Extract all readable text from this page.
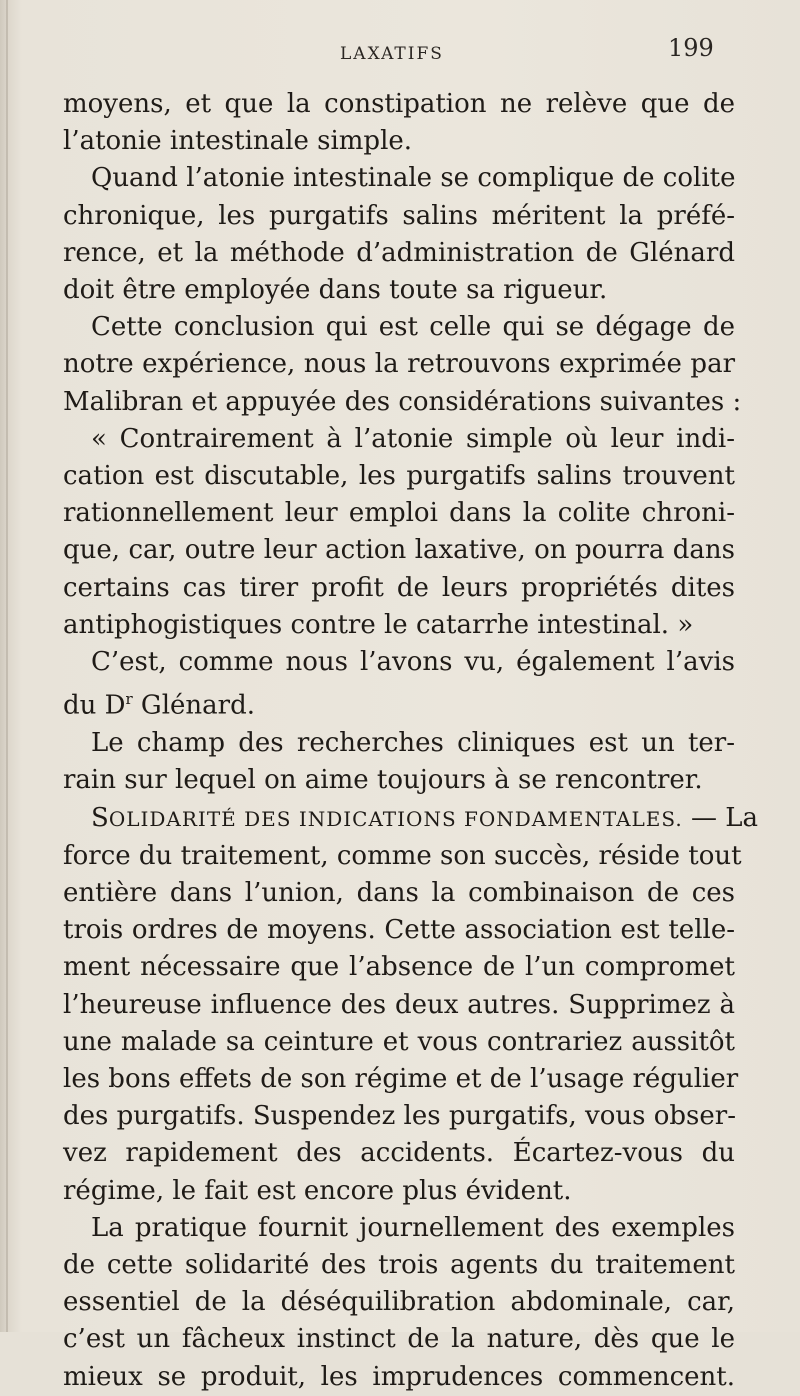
LAXATIFS	199
moyens, et que la constipation ne relève que de
l’atonie intestinale simple.
Quand l’atonie intestinale se complique de colite
chronique, les purgatifs salins méritent la préfé-
rence, et la méthode d’administration de Glénard
doit être employée dans toute sa rigueur.
Cette conclusion qui est celle qui se dégage de
notre expérience, nous la retrouvons exprimée par
Malibran et appuyée des considérations suivantes :
« Contrairement à l’atonie simple où leur indi-
cation est discutable, les purgatifs salins trouvent
rationnellement leur emploi dans la colite chroni-
que, car, outre leur action laxative, on pourra dans
certains cas tirer profit de leurs propriétés dites
antiphogistiques contre le catarrhe intestinal. »
C’est, comme nous l’avons vu, également l’avis
du $D^r$ Glénard.
Le champ des recherches cliniques est un ter-
rain sur lequel on aime toujours à se rencontrer.
SOLIDARITÉ DES INDICATIONS FONDAMENTALES. — La
force du traitement, comme son succès, réside tout
entière dans l’union, dans la combinaison de ces
trois ordres de moyens. Cette association est telle-
ment nécessaire que l’absence de l’un compromet
l’heureuse influence des deux autres. Supprimez à
une malade sa ceinture et vous contrariez aussitôt
les bons effets de son régime et de l’usage régulier
des purgatifs. Suspendez les purgatifs, vous obser-
vez rapidement des accidents. Écartez-vous du
régime, le fait est encore plus évident.
La pratique fournit journellement des exemples
de cette solidarité des trois agents du traitement
essentiel de la déséquilibration abdominale, car,
c’est un fâcheux instinct de la nature, dès que le
mieux se produit, les imprudences commencent.
